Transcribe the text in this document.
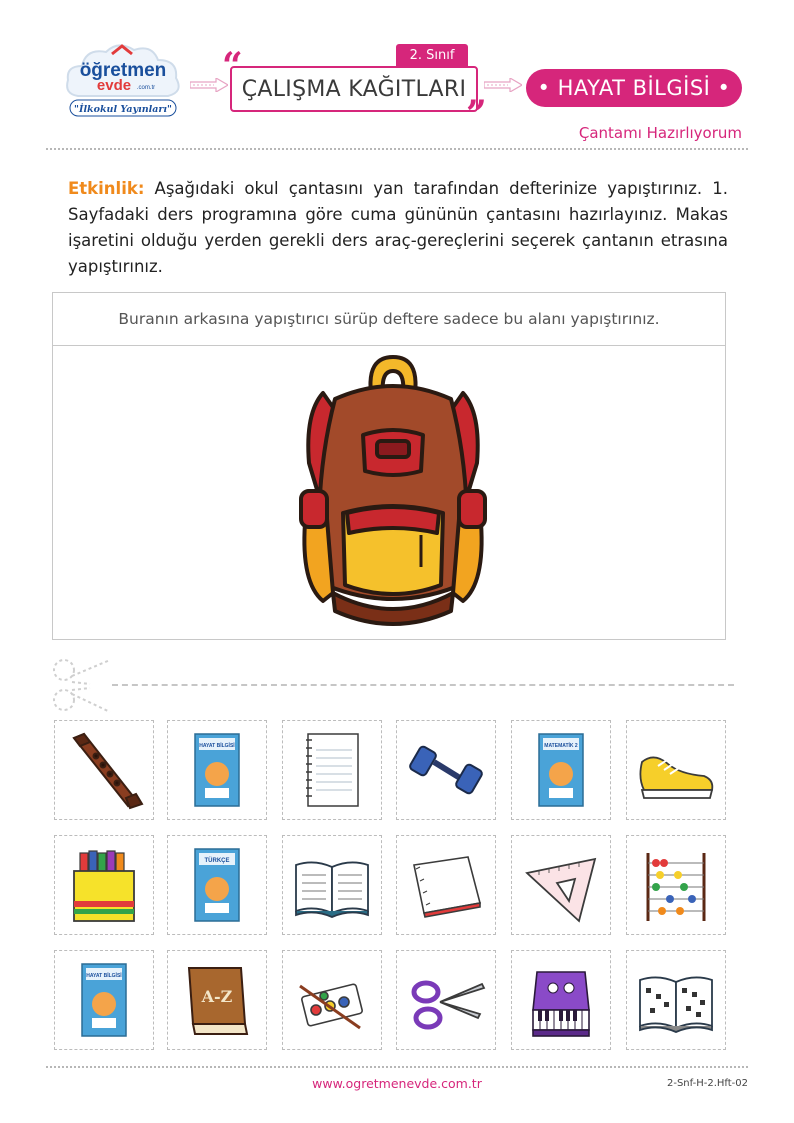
öğretmen
evde .com.tr
"İlkokul Yayınları"
2. Sınıf
ÇALIŞMA KAĞITLARI
“
”
• HAYAT BİLGİSİ •
Çantamı Hazırlıyorum
Etkinlik: Aşağıdaki okul çantasını yan tarafından defterinize yapıştırınız. 1. Sayfadaki ders programına göre cuma gününün çantasını hazırlayınız. Makas işaretini olduğu yerden gerekli ders araç-gereçlerini seçerek çantanın etrasına yapıştırınız.
Buranın arkasına yapıştırıcı sürüp deftere sadece bu alanı yapıştırınız.
HAYAT BİLGİSİ	MATEMATİK 2
TÜRKÇE
HAYAT BİLGİSİ
A-Z
www.ogretmenevde.com.tr	2-Snf-H-2.Hft-02
